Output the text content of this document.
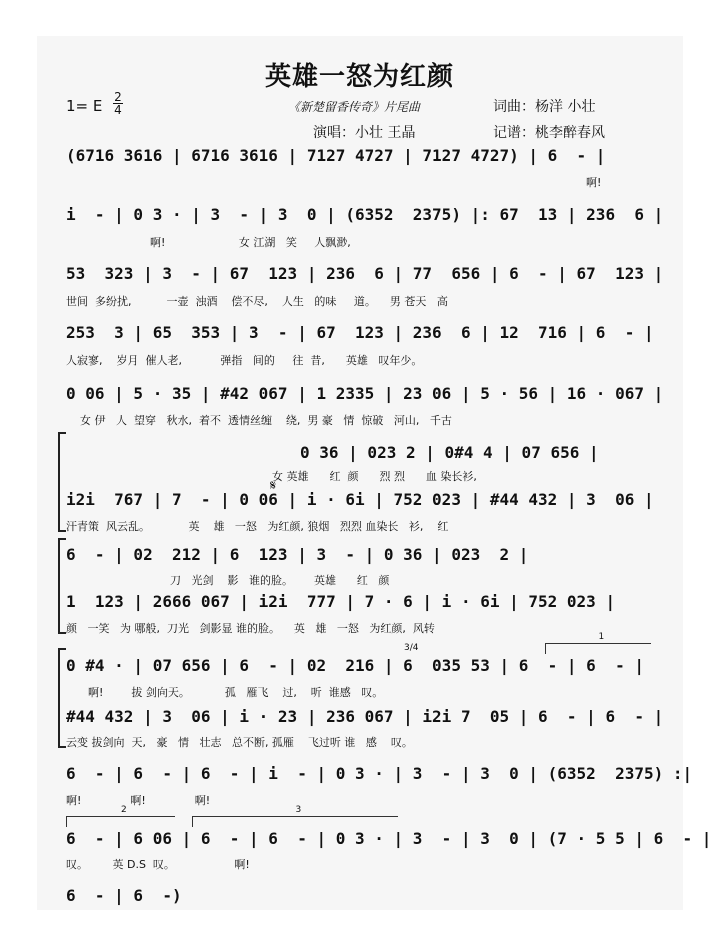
英雄一怒为红颜
1= E 2
4	《新楚留香传奇》片尾曲	词曲：杨洋 小壮
演唱：小壮 王晶	记谱：桃李醉春风
(6716 3616 | 6716 3616 | 7127 4727 | 7127 4727) | 6  - |
啊!
i  - | 0 3 · | 3  - | 3  0 | (6352  2375) |: 67  13 | 236  6 |
啊!                     女 江湖   笑     人飘渺,
53  323 | 3  - | 67  123 | 236  6 | 77  656 | 6  - | 67  123 |
世间  多纷扰,          一壶  浊酒    偿不尽,    人生   的味     道。    男 苍天   高
253  3 | 65  353 | 3  - | 67  123 | 236  6 | 12  716 | 6  - |
人寂寥,    岁月  催人老,           弹指   间的     往  昔,      英雄   叹年少。
0 06 | 5 · 35 | #42 067 | 1 2335 | 23 06 | 5 · 56 | 16 · 067 |
女 伊   人  望穿   秋水,  着不  透情丝缠    绕,  男 豪   情  惊破   河山,   千古
0 36 | 023 2 | 0#4 4 | 07 656 |
女 英雄      红  颜      烈 烈      血 染长衫,
𝄋
i2i  767 | 7  - | 0 06 | i · 6i | 752 023 | #44 432 | 3  06 |
汗青策  风云乱。           英    雄   一怒   为红颜, 狼烟   烈烈 血染长   衫,    红
6  - | 02  212 | 6  123 | 3  - | 0 36 | 023  2 |
刀   光剑    影   谁的脸。      英雄      红   颜
1  123 | 2666 067 | i2i  777 | 7 · 6 | i · 6i | 752 023 |
颜   一笑   为 哪般,  刀光   剑影显 谁的脸。    英   雄   一怒   为红颜,  风转
1
3/4
0 #4 · | 07 656 | 6  - | 02  216 | 6  035 53 | 6  - | 6  - |
啊!        拔 剑向天。          孤   雁飞    过,    听  谁感   叹。
#44 432 | 3  06 | i · 23 | 236 067 | i2i 7  05 | 6  - | 6  - |
云变 拔剑向  天,   豪   情   壮志   总不断, 孤雁    飞过听 谁   感    叹。
6  - | 6  - | 6  - | i  - | 0 3 · | 3  - | 3  0 | (6352  2375) :|
啊!              啊!              啊!
2	3
6  - | 6 06 | 6  - | 6  - | 0 3 · | 3  - | 3  0 | (7 · 5 5 | 6  - |
叹。       英 D.S  叹。                 啊!
6  - | 6  -)
